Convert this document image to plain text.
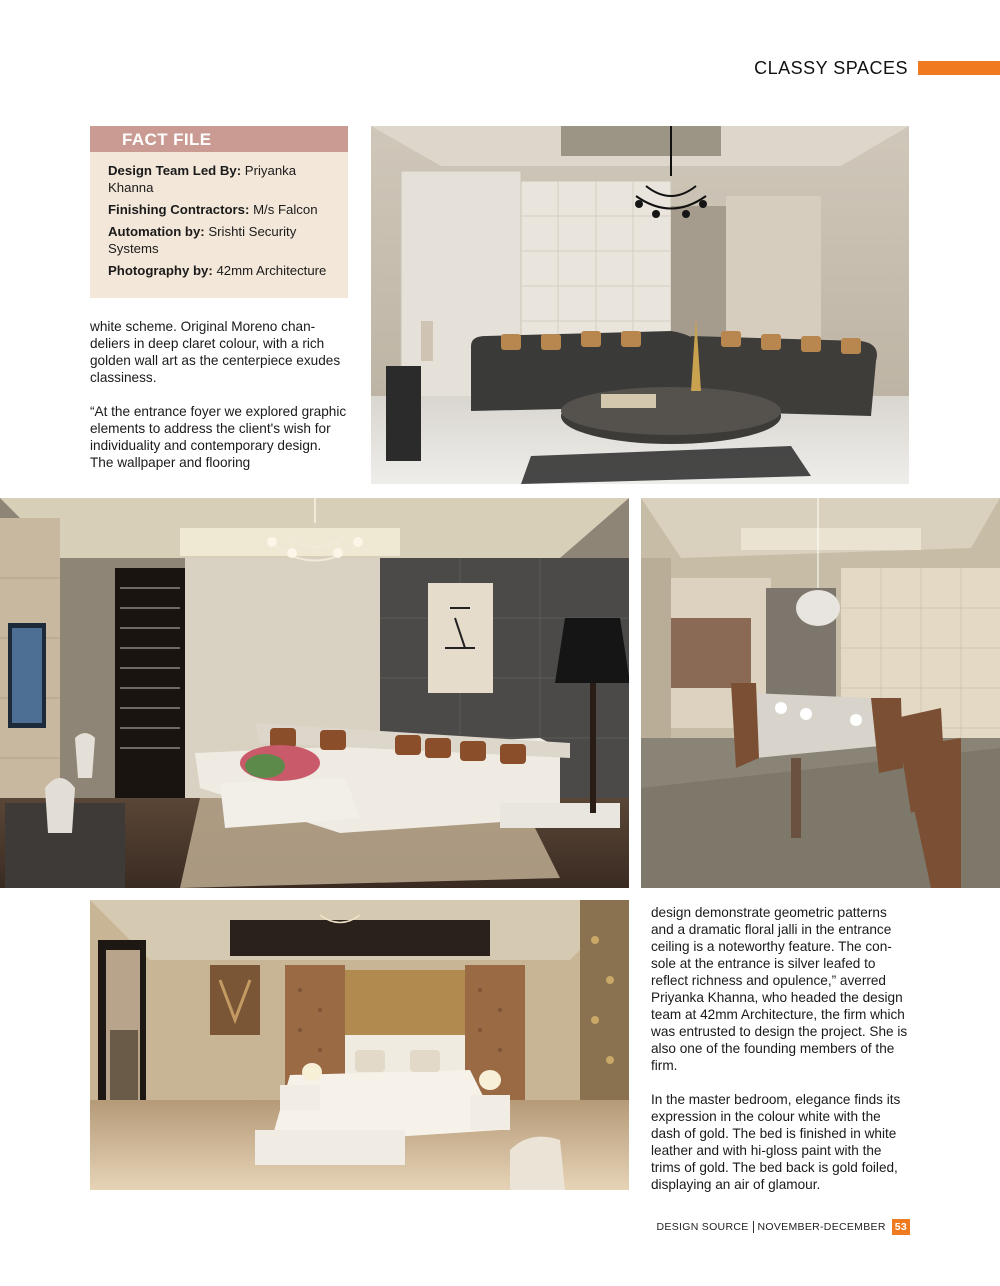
CLASSY SPACES
FACT FILE
Design Team Led By: Priyanka Khanna
Finishing Contractors: M/s Falcon
Automation by: Srishti Security Systems
Photography by: 42mm Architecture

white scheme. Original Moreno chan-deliers in deep claret colour, with a rich golden wall art as the centerpiece exudes classiness.

“At the entrance foyer we explored graphic elements to address the client's wish for individuality and contemporary design. The wallpaper and flooring

design demonstrate geometric patterns and a dramatic floral jalli in the entrance ceiling is a noteworthy feature. The con-sole at the entrance is silver leafed to reflect richness and opulence,” averred Priyanka Khanna, who headed the design team at 42mm Architecture, the firm which was entrusted to design the project. She is also one of the founding members of the firm.

In the master bedroom, elegance finds its expression in the colour white with the dash of gold. The bed is finished in white leather and with hi-gloss paint with the trims of gold. The bed back is gold foiled, displaying an air of glamour.

DESIGN SOURCE NOVEMBER-DECEMBER 53
